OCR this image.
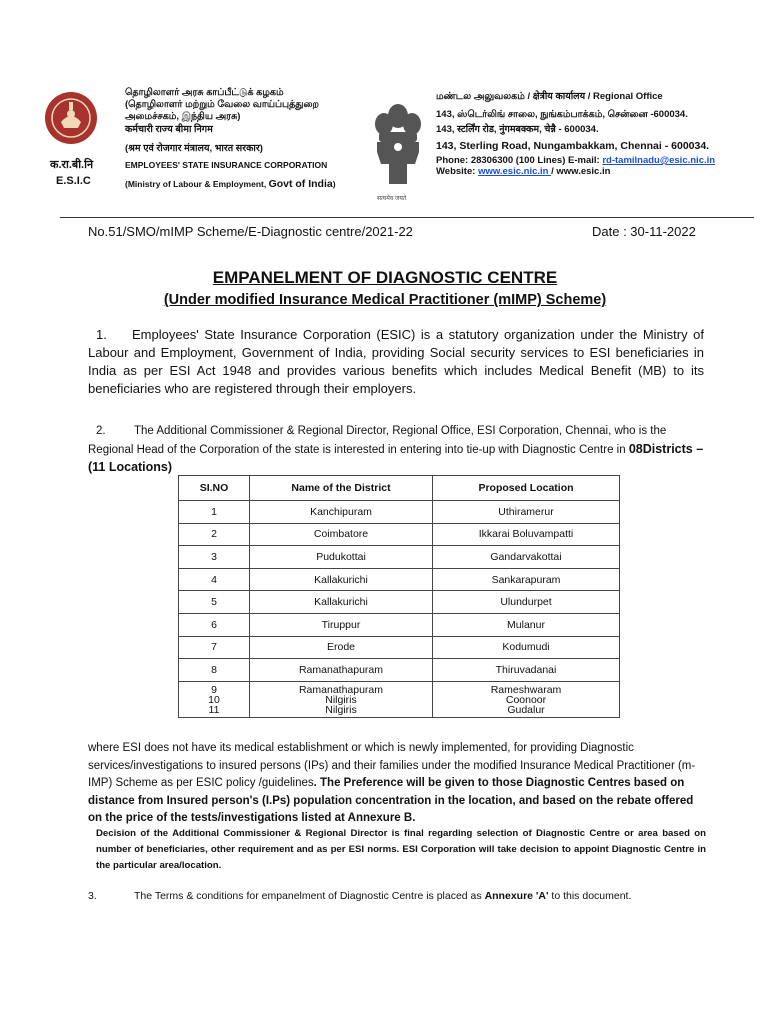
क.रा.बी.नि
E.S.I.C
தொழிலாளர் அரசு காப்பீட்டுக் கழகம்
(தொழிலாளர் மற்றும் வேலை வாய்ப்புத்துறை
அமைச்சகம், இந்திய அரசு)
कर्मचारी राज्य बीमा निगम
(श्रम एवं रोजगार मंत्रालय, भारत सरकार)
EMPLOYEES' STATE INSURANCE CORPORATION
(Ministry of Labour & Employment, Govt of India)
सत्यमेव जयते
மண்டல அலுவலகம் / क्षेत्रीय कार्यालय / Regional Office
143, ஸ்டெர்லிங் சாலை, நுங்கம்பாக்கம், சென்னை -600034.
143, स्टर्लिंग रोड, नुंगमबक्कम, चेन्नै - 600034.
143, Sterling Road, Nungambakkam, Chennai - 600034.
Phone: 28306300 (100 Lines) E-mail: rd-tamilnadu@esic.nic.in
Website: www.esic.nic.in / www.esic.in
No.51/SMO/mIMP Scheme/E-Diagnostic centre/2021-22	Date : 30-11-2022
EMPANELMENT OF DIAGNOSTIC CENTRE
(Under modified Insurance Medical Practitioner (mIMP) Scheme)
1. Employees' State Insurance Corporation (ESIC) is a statutory organization under the Ministry of Labour and Employment, Government of India, providing Social security services to ESI beneficiaries in India as per ESI Act 1948 and provides various benefits which includes Medical Benefit (MB) to its beneficiaries who are registered through their employers.
2. The Additional Commissioner & Regional Director, Regional Office, ESI Corporation, Chennai, who is the Regional Head of the Corporation of the state is interested in entering into tie-up with Diagnostic Centre in 08Districts –(11 Locations)
SI.NO	Name of the District	Proposed Location
1	Kanchipuram	Uthiramerur
2	Coimbatore	Ikkarai Boluvampatti
3	Pudukottai	Gandarvakottai
4	Kallakurichi	Sankarapuram
5	Kallakurichi	Ulundurpet
6	Tiruppur	Mulanur
7	Erode	Kodumudi
8	Ramanathapuram	Thiruvadanai
9	Ramanathapuram	Rameshwaram
10	Nilgiris	Coonoor
11	Nilgiris	Gudalur
where ESI does not have its medical establishment or which is newly implemented, for providing Diagnostic services/investigations to insured persons (IPs) and their families under the modified Insurance Medical Practitioner (m-IMP) Scheme as per ESIC policy /guidelines. The Preference will be given to those Diagnostic Centres based on distance from Insured person's (I.Ps) population concentration in the location, and based on the rebate offered on the price of the tests/investigations listed at Annexure B.
Decision of the Additional Commissioner & Regional Director is final regarding selection of Diagnostic Centre or area based on number of beneficiaries, other requirement and as per ESI norms. ESI Corporation will take decision to appoint Diagnostic Centre in the particular area/location.
3.	The Terms & conditions for empanelment of Diagnostic Centre is placed as Annexure 'A' to this document.
